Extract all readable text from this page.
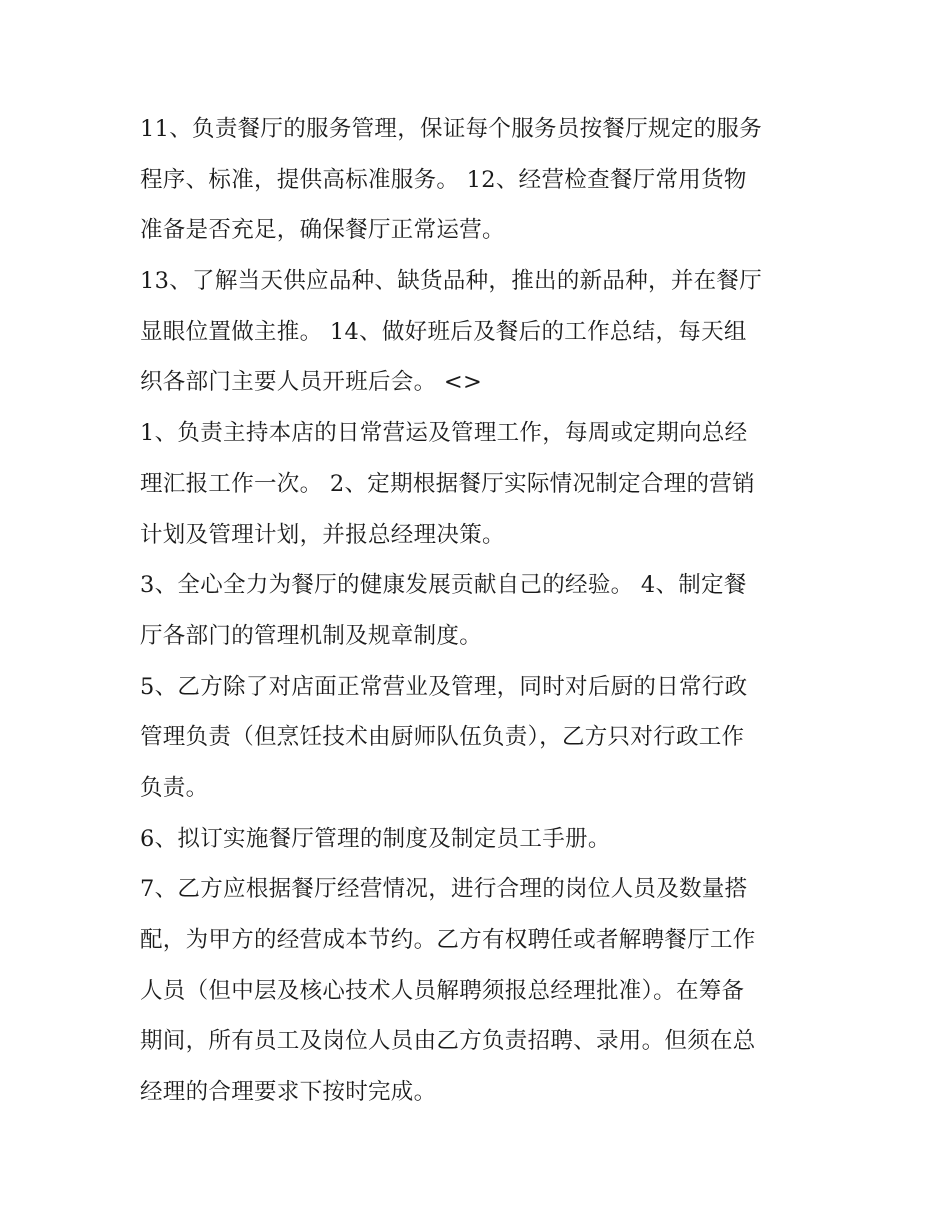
11、负责餐厅的服务管理，保证每个服务员按餐厅规定的服务
程序、标准，提供高标准服务。 12、经营检查餐厅常用货物
准备是否充足，确保餐厅正常运营。
13、了解当天供应品种、缺货品种，推出的新品种，并在餐厅
显眼位置做主推。 14、做好班后及餐后的工作总结，每天组
织各部门主要人员开班后会。 <>
1、负责主持本店的日常营运及管理工作，每周或定期向总经
理汇报工作一次。 2、定期根据餐厅实际情况制定合理的营销
计划及管理计划，并报总经理决策。
3、全心全力为餐厅的健康发展贡献自己的经验。 4、制定餐
厅各部门的管理机制及规章制度。
5、乙方除了对店面正常营业及管理，同时对后厨的日常行政
管理负责（但烹饪技术由厨师队伍负责），乙方只对行政工作
负责。
6、拟订实施餐厅管理的制度及制定员工手册。
7、乙方应根据餐厅经营情况，进行合理的岗位人员及数量搭
配，为甲方的经营成本节约。乙方有权聘任或者解聘餐厅工作
人员（但中层及核心技术人员解聘须报总经理批准）。在筹备
期间，所有员工及岗位人员由乙方负责招聘、录用。但须在总
经理的合理要求下按时完成。
